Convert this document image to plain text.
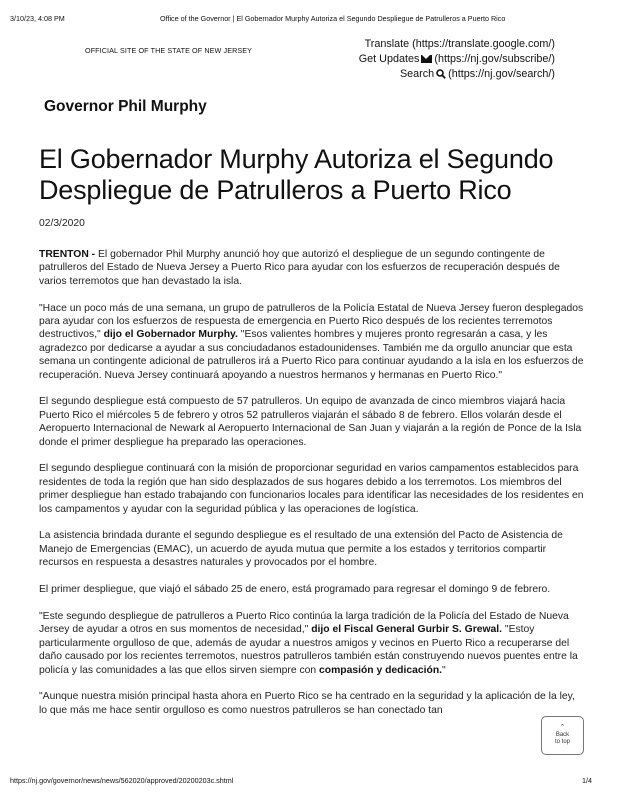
3/10/23, 4:08 PM	Office of the Governor | El Gobernador Murphy Autoriza el Segundo Despliegue de Patrulleros a Puerto Rico
OFFICIAL SITE OF THE STATE OF NEW JERSEY
Translate (https://translate.google.com/)
Get Updates (https://nj.gov/subscribe/)
Search (https://nj.gov/search/)
Governor Phil Murphy
El Gobernador Murphy Autoriza el Segundo Despliegue de Patrulleros a Puerto Rico
02/3/2020

TRENTON - El gobernador Phil Murphy anunció hoy que autorizó el despliegue de un segundo contingente de patrulleros del Estado de Nueva Jersey a Puerto Rico para ayudar con los esfuerzos de recuperación después de varios terremotos que han devastado la isla.

"Hace un poco más de una semana, un grupo de patrulleros de la Policía Estatal de Nueva Jersey fueron desplegados para ayudar con los esfuerzos de respuesta de emergencia en Puerto Rico después de los recientes terremotos destructivos," dijo el Gobernador Murphy. "Esos valientes hombres y mujeres pronto regresarán a casa, y les agradezco por dedicarse a ayudar a sus conciudadanos estadounidenses. También me da orgullo anunciar que esta semana un contingente adicional de patrulleros irá a Puerto Rico para continuar ayudando a la isla en los esfuerzos de recuperación. Nueva Jersey continuará apoyando a nuestros hermanos y hermanas en Puerto Rico."

El segundo despliegue está compuesto de 57 patrulleros. Un equipo de avanzada de cinco miembros viajará hacia Puerto Rico el miércoles 5 de febrero y otros 52 patrulleros viajarán el sábado 8 de febrero. Ellos volarán desde el Aeropuerto Internacional de Newark al Aeropuerto Internacional de San Juan y viajarán a la región de Ponce de la Isla donde el primer despliegue ha preparado las operaciones.

El segundo despliegue continuará con la misión de proporcionar seguridad en varios campamentos establecidos para residentes de toda la región que han sido desplazados de sus hogares debido a los terremotos. Los miembros del primer despliegue han estado trabajando con funcionarios locales para identificar las necesidades de los residentes en los campamentos y ayudar con la seguridad pública y las operaciones de logística.

La asistencia brindada durante el segundo despliegue es el resultado de una extensión del Pacto de Asistencia de Manejo de Emergencias (EMAC), un acuerdo de ayuda mutua que permite a los estados y territorios compartir recursos en respuesta a desastres naturales y provocados por el hombre.

El primer despliegue, que viajó el sábado 25 de enero, está programado para regresar el domingo 9 de febrero.

"Este segundo despliegue de patrulleros a Puerto Rico continúa la larga tradición de la Policía del Estado de Nueva Jersey de ayudar a otros en sus momentos de necesidad," dijo el Fiscal General Gurbir S. Grewal. "Estoy particularmente orgulloso de que, además de ayudar a nuestros amigos y vecinos en Puerto Rico a recuperarse del daño causado por los recientes terremotos, nuestros patrulleros también están construyendo nuevos puentes entre la policía y las comunidades a las que ellos sirven siempre con compasión y dedicación."

"Aunque nuestra misión principal hasta ahora en Puerto Rico se ha centrado en la seguridad y la aplicación de la ley, lo que más me hace sentir orgulloso es como nuestros patrulleros se han conectado tan

ˆ
Back
to top
https://nj.gov/governor/news/news/562020/approved/20200203c.shtml	1/4
